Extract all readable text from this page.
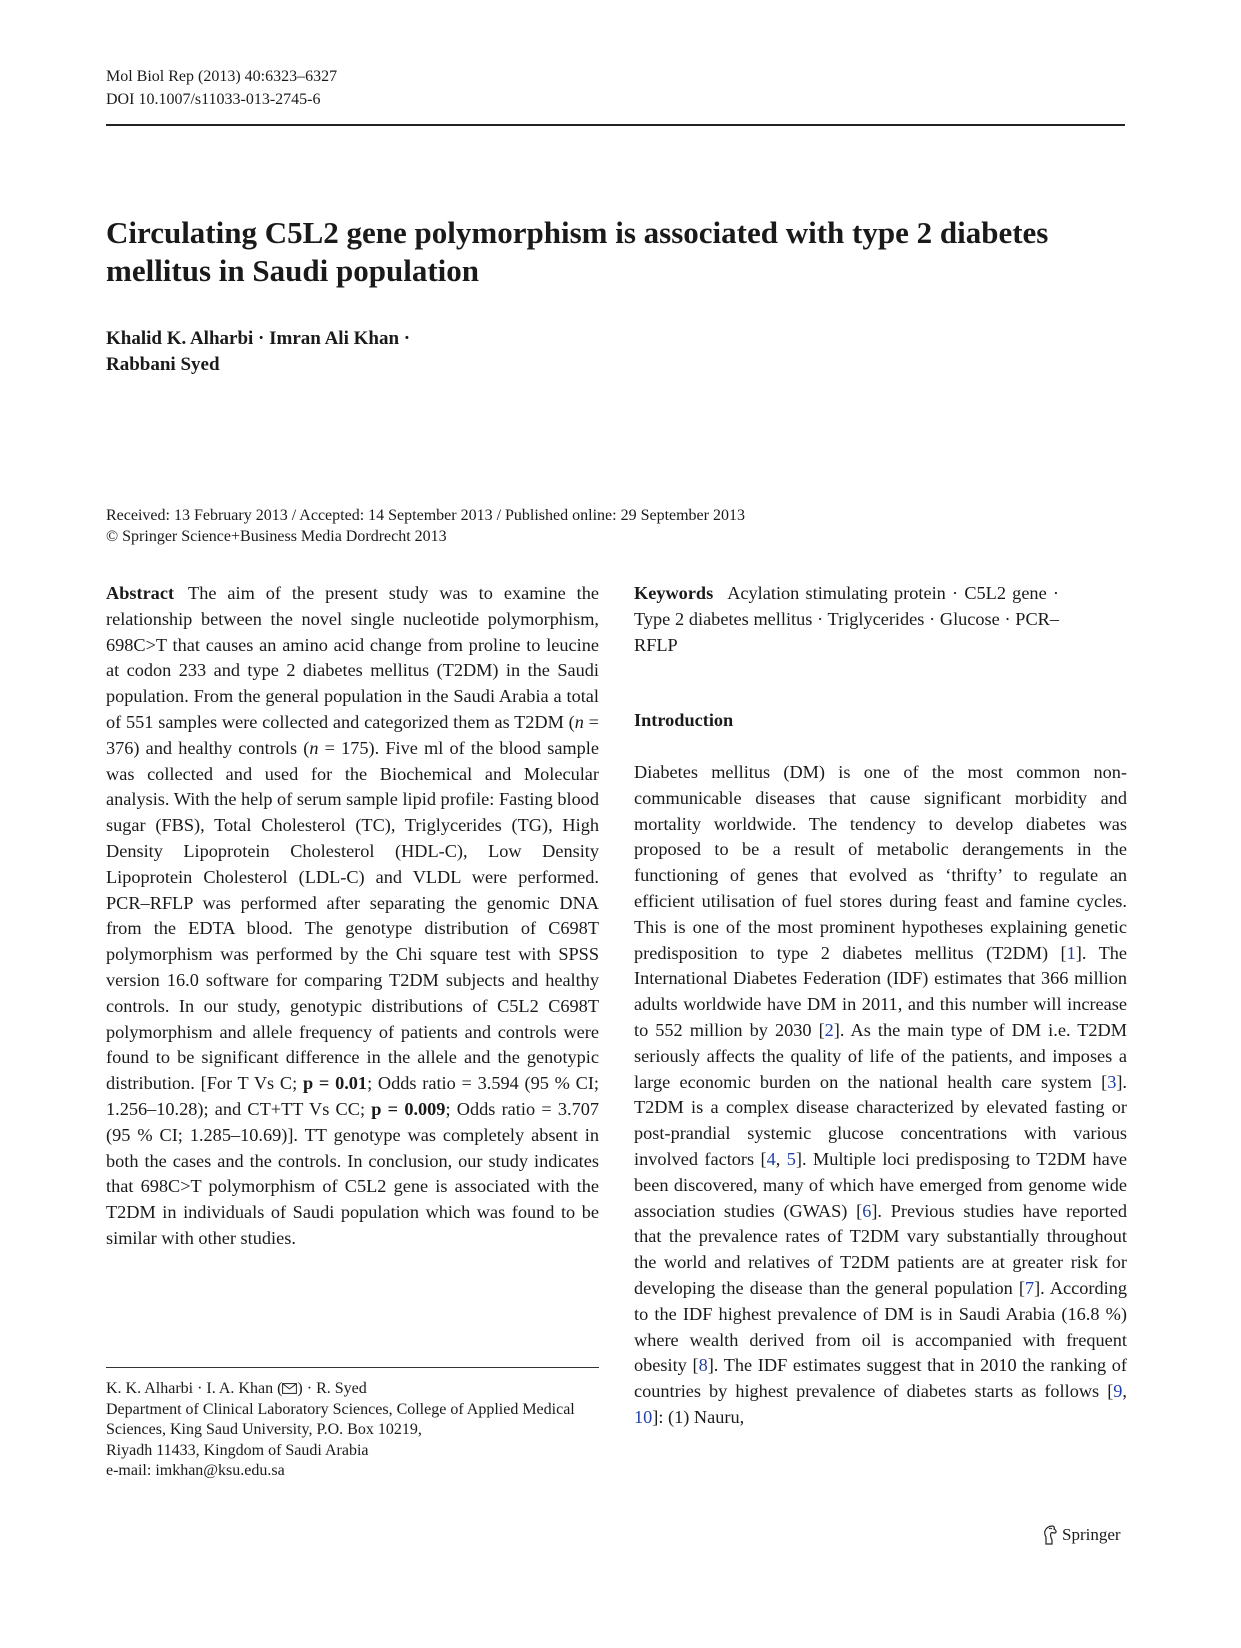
Mol Biol Rep (2013) 40:6323–6327
DOI 10.1007/s11033-013-2745-6
Circulating C5L2 gene polymorphism is associated with type 2 diabetes mellitus in Saudi population
Khalid K. Alharbi · Imran Ali Khan ·
Rabbani Syed
Received: 13 February 2013 / Accepted: 14 September 2013 / Published online: 29 September 2013
© Springer Science+Business Media Dordrecht 2013
Abstract The aim of the present study was to examine the relationship between the novel single nucleotide polymorphism, 698C>T that causes an amino acid change from proline to leucine at codon 233 and type 2 diabetes mellitus (T2DM) in the Saudi population. From the general population in the Saudi Arabia a total of 551 samples were collected and categorized them as T2DM (n = 376) and healthy controls (n = 175). Five ml of the blood sample was collected and used for the Biochemical and Molecular analysis. With the help of serum sample lipid profile: Fasting blood sugar (FBS), Total Cholesterol (TC), Triglycerides (TG), High Density Lipoprotein Cholesterol (HDL-C), Low Density Lipoprotein Cholesterol (LDL-C) and VLDL were performed. PCR–RFLP was performed after separating the genomic DNA from the EDTA blood. The genotype distribution of C698T polymorphism was performed by the Chi square test with SPSS version 16.0 software for comparing T2DM subjects and healthy controls. In our study, genotypic distributions of C5L2 C698T polymorphism and allele frequency of patients and controls were found to be significant difference in the allele and the genotypic distribution. [For T Vs C; p = 0.01; Odds ratio = 3.594 (95 % CI; 1.256–10.28); and CT+TT Vs CC; p = 0.009; Odds ratio = 3.707 (95 % CI; 1.285–10.69)]. TT genotype was completely absent in both the cases and the controls. In conclusion, our study indicates that 698C>T polymorphism of C5L2 gene is associated with the T2DM in individuals of Saudi population which was found to be similar with other studies.
Keywords Acylation stimulating protein · C5L2 gene · Type 2 diabetes mellitus · Triglycerides · Glucose · PCR–RFLP
Introduction
Diabetes mellitus (DM) is one of the most common non-communicable diseases that cause significant morbidity and mortality worldwide. The tendency to develop diabetes was proposed to be a result of metabolic derangements in the functioning of genes that evolved as ‘thrifty’ to regulate an efficient utilisation of fuel stores during feast and famine cycles. This is one of the most prominent hypotheses explaining genetic predisposition to type 2 diabetes mellitus (T2DM) [1]. The International Diabetes Federation (IDF) estimates that 366 million adults worldwide have DM in 2011, and this number will increase to 552 million by 2030 [2]. As the main type of DM i.e. T2DM seriously affects the quality of life of the patients, and imposes a large economic burden on the national health care system [3]. T2DM is a complex disease characterized by elevated fasting or post-prandial systemic glucose concentrations with various involved factors [4, 5]. Multiple loci predisposing to T2DM have been discovered, many of which have emerged from genome wide association studies (GWAS) [6]. Previous studies have reported that the prevalence rates of T2DM vary substantially throughout the world and relatives of T2DM patients are at greater risk for developing the disease than the general population [7]. According to the IDF highest prevalence of DM is in Saudi Arabia (16.8 %) where wealth derived from oil is accompanied with frequent obesity [8]. The IDF estimates suggest that in 2010 the ranking of countries by highest prevalence of diabetes starts as follows [9, 10]: (1) Nauru,
K. K. Alharbi · I. A. Khan ( ) · R. Syed
Department of Clinical Laboratory Sciences, College of Applied Medical Sciences, King Saud University, P.O. Box 10219,
Riyadh 11433, Kingdom of Saudi Arabia
e-mail: imkhan@ksu.edu.sa
Springer
